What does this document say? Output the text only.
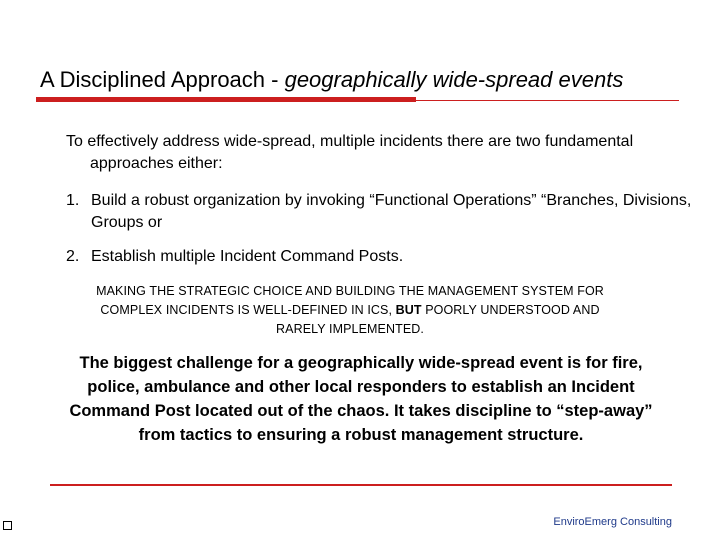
A Disciplined Approach - geographically wide-spread events
To effectively address wide-spread, multiple incidents there are two fundamental approaches either:
1. Build a robust organization by invoking “Functional Operations” “Branches, Divisions, Groups or
2. Establish multiple Incident Command Posts.
MAKING THE STRATEGIC CHOICE AND BUILDING THE MANAGEMENT SYSTEM FOR COMPLEX INCIDENTS IS WELL-DEFINED IN ICS, BUT POORLY UNDERSTOOD AND RARELY IMPLEMENTED.
The biggest challenge for a geographically wide-spread event is for fire, police, ambulance and other local responders to establish an Incident Command Post located out of the chaos. It takes discipline to “step-away” from tactics to ensuring a robust management structure.
EnviroEmerg Consulting
